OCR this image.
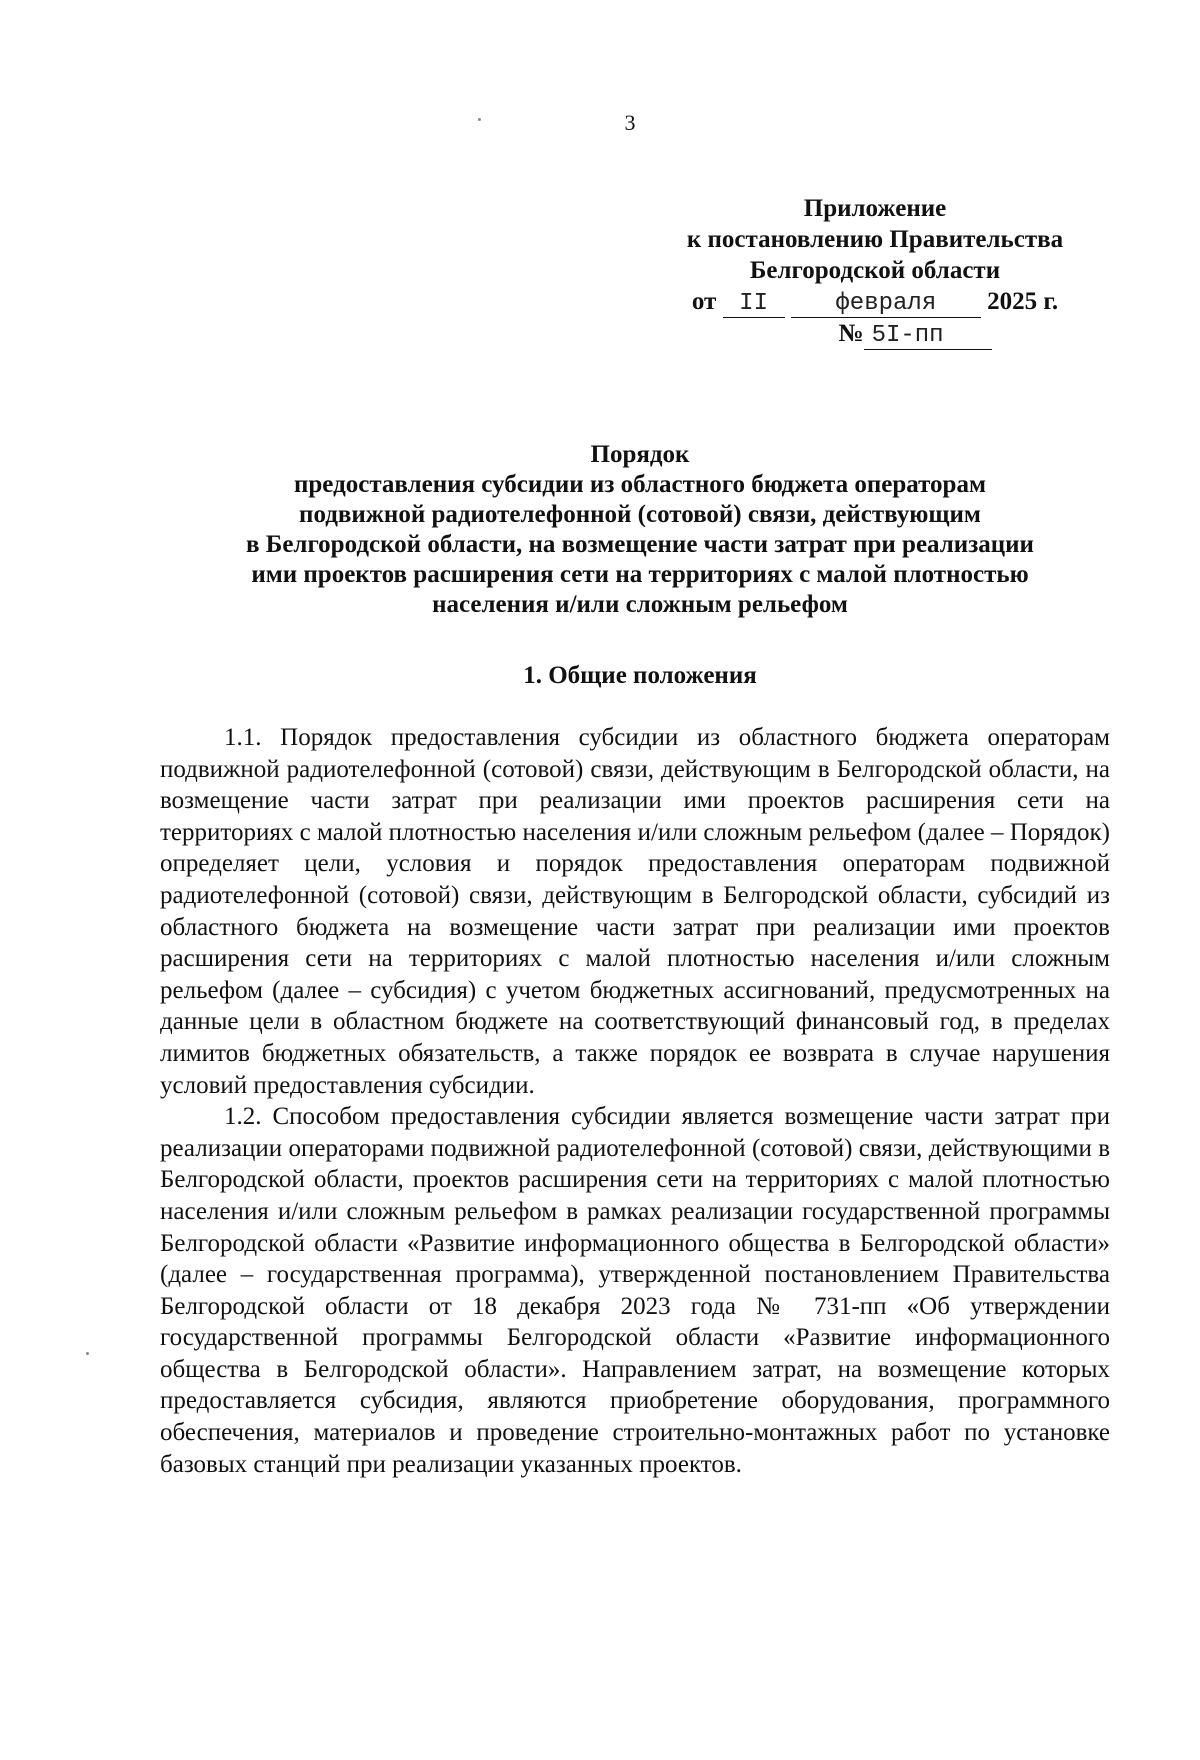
3
Приложение
к постановлению Правительства
Белгородской области
от II	февраля 2025 г.
№ 5I-пп
Порядок
предоставления субсидии из областного бюджета операторам
подвижной радиотелефонной (сотовой) связи, действующим
в Белгородской области, на возмещение части затрат при реализации
ими проектов расширения сети на территориях с малой плотностью
населения и/или сложным рельефом
1. Общие положения

1.1. Порядок предоставления субсидии из областного бюджета операторам подвижной радиотелефонной (сотовой) связи, действующим в Белгородской области, на возмещение части затрат при реализации ими проектов расширения сети на территориях с малой плотностью населения и/или сложным рельефом (далее – Порядок) определяет цели, условия и порядок предоставления операторам подвижной радиотелефонной (сотовой) связи, действующим в Белгородской области, субсидий из областного бюджета на возмещение части затрат при реализации ими проектов расширения сети на территориях с малой плотностью населения и/или сложным рельефом (далее – субсидия) с учетом бюджетных ассигнований, предусмотренных на данные цели в областном бюджете на соответствующий финансовый год, в пределах лимитов бюджетных обязательств, а также порядок ее возврата в случае нарушения условий предоставления субсидии.

1.2. Способом предоставления субсидии является возмещение части затрат при реализации операторами подвижной радиотелефонной (сотовой) связи, действующими в Белгородской области, проектов расширения сети на территориях с малой плотностью населения и/или сложным рельефом в рамках реализации государственной программы Белгородской области «Развитие информационного общества в Белгородской области» (далее – государственная программа), утвержденной постановлением Правительства Белгородской области от 18 декабря 2023 года № 731-пп «Об утверждении государственной программы Белгородской области «Развитие информационного общества в Белгородской области». Направлением затрат, на возмещение которых предоставляется субсидия, являются приобретение оборудования, программного обеспечения, материалов и проведение строительно-монтажных работ по установке базовых станций при реализации указанных проектов.
